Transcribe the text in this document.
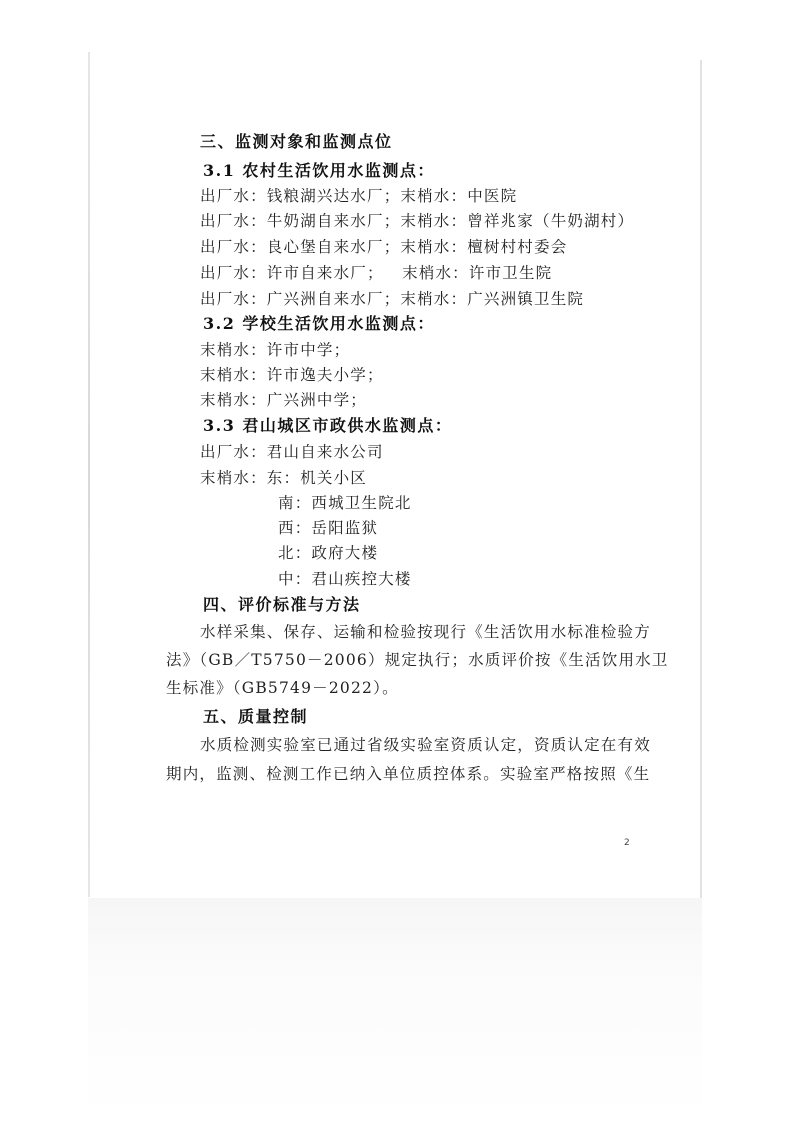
三、监测对象和监测点位
3.1 农村生活饮用水监测点：
出厂水：钱粮湖兴达水厂；末梢水：中医院
出厂水：牛奶湖自来水厂；末梢水：曾祥兆家（牛奶湖村）
出厂水：良心堡自来水厂；末梢水：檀树村村委会
出厂水：许市自来水厂；   末梢水：许市卫生院
出厂水：广兴洲自来水厂；末梢水：广兴洲镇卫生院
3.2 学校生活饮用水监测点：
末梢水：许市中学；
末梢水：许市逸夫小学；
末梢水：广兴洲中学；
3.3 君山城区市政供水监测点：
出厂水：君山自来水公司
末梢水：东：机关小区
南：西城卫生院北
西：岳阳监狱
北：政府大楼
中：君山疾控大楼
四、评价标准与方法
水样采集、保存、运输和检验按现行《生活饮用水标准检验方
法》（GB／T5750－2006）规定执行；水质评价按《生活饮用水卫
生标准》（GB5749－2022）。
五、质量控制
水质检测实验室已通过省级实验室资质认定，资质认定在有效
期内，监测、检测工作已纳入单位质控体系。实验室严格按照《生
2
